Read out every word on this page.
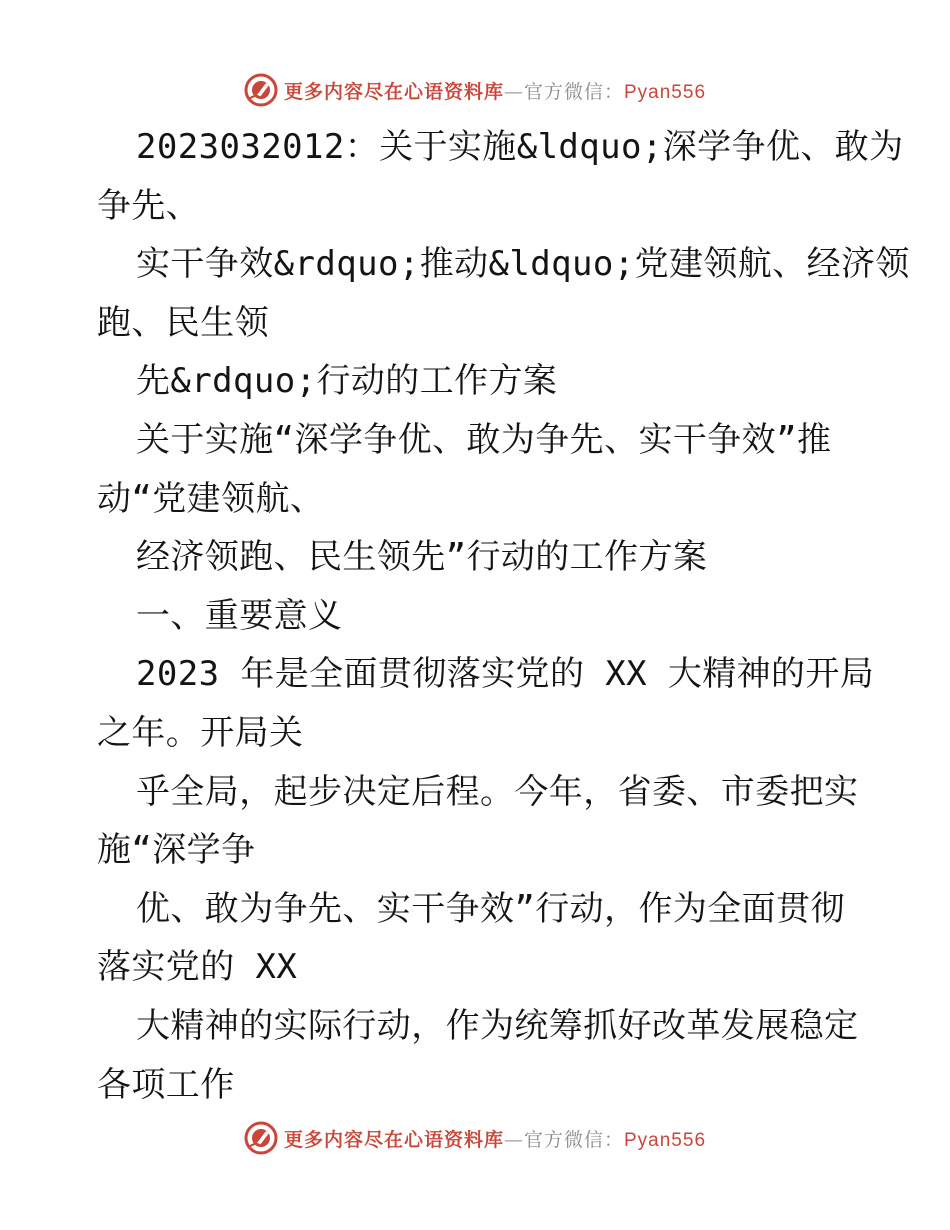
更多内容尽在心语资料库—官方微信：Pyan556
2023032012：关于实施&ldquo;深学争优、敢为
争先、
实干争效&rdquo;推动&ldquo;党建领航、经济领
跑、民生领
先&rdquo;行动的工作方案
关于实施“深学争优、敢为争先、实干争效”推
动“党建领航、
经济领跑、民生领先”行动的工作方案
一、重要意义
2023 年是全面贯彻落实党的 XX 大精神的开局
之年。开局关
乎全局，起步决定后程。今年，省委、市委把实
施“深学争
优、敢为争先、实干争效”行动，作为全面贯彻
落实党的 XX
大精神的实际行动，作为统筹抓好改革发展稳定
各项工作
更多内容尽在心语资料库—官方微信：Pyan556
